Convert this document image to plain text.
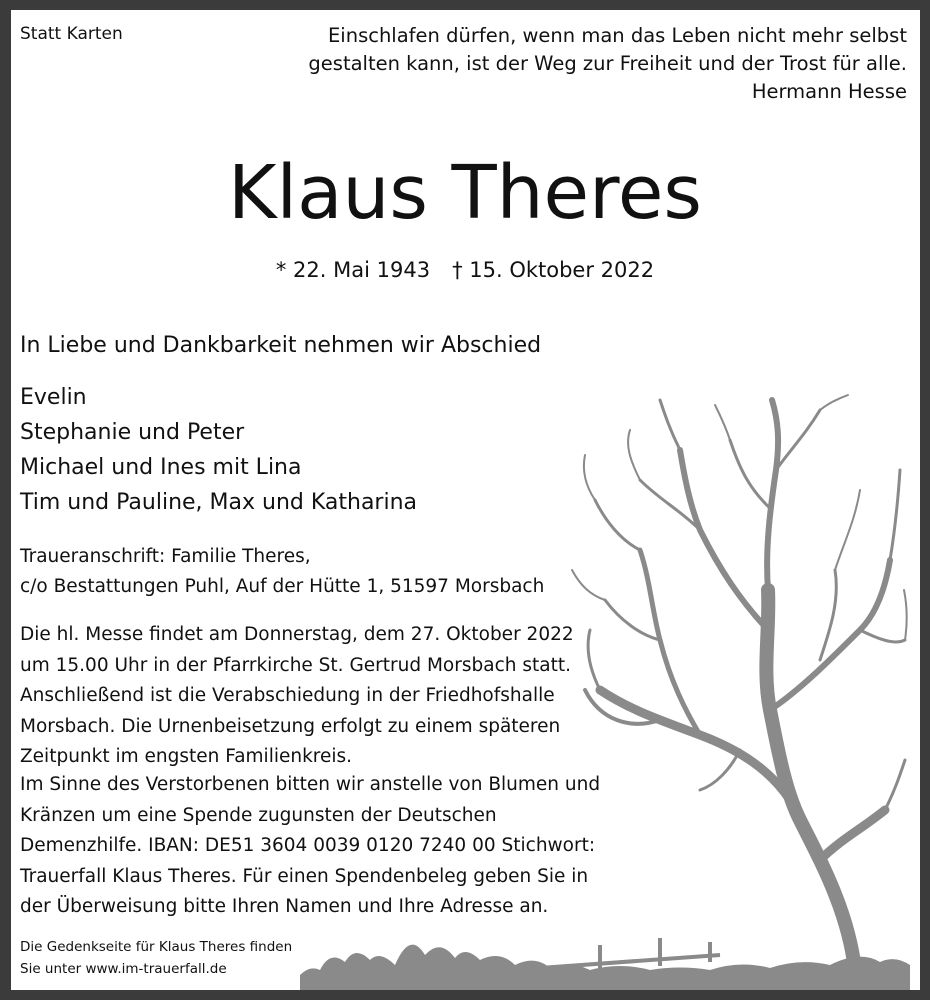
Statt Karten	Einschlafen dürfen, wenn man das Leben nicht mehr selbst
gestalten kann, ist der Weg zur Freiheit und der Trost für alle.
Hermann Hesse
Klaus Theres
* 22. Mai 1943 † 15. Oktober 2022
In Liebe und Dankbarkeit nehmen wir Abschied
Evelin
Stephanie und Peter
Michael und Ines mit Lina
Tim und Pauline, Max und Katharina
Traueranschrift: Familie Theres,
c/o Bestattungen Puhl, Auf der Hütte 1, 51597 Morsbach
Die hl. Messe findet am Donnerstag, dem 27. Oktober 2022
um 15.00 Uhr in der Pfarrkirche St. Gertrud Morsbach statt.
Anschließend ist die Verabschiedung in der Friedhofshalle
Morsbach. Die Urnenbeisetzung erfolgt zu einem späteren
Zeitpunkt im engsten Familienkreis.
Im Sinne des Verstorbenen bitten wir anstelle von Blumen und
Kränzen um eine Spende zugunsten der Deutschen
Demenzhilfe. IBAN: DE51 3604 0039 0120 7240 00 Stichwort:
Trauerfall Klaus Theres. Für einen Spendenbeleg geben Sie in
der Überweisung bitte Ihren Namen und Ihre Adresse an.
Die Gedenkseite für Klaus Theres finden
Sie unter www.im-trauerfall.de
